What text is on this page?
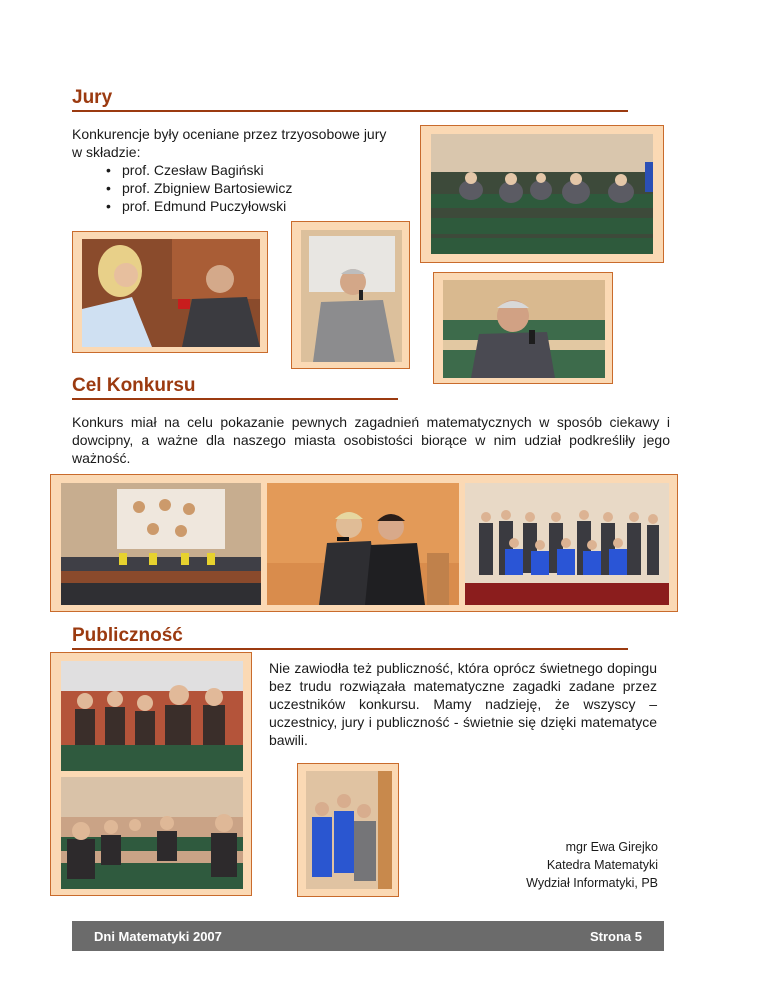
Jury
Konkurencje były oceniane przez trzyosobowe jury
w składzie:
• prof. Czesław Bagiński
• prof. Zbigniew Bartosiewicz
• prof. Edmund Puczyłowski
Cel Konkursu
Konkurs miał na celu pokazanie pewnych zagadnień matematycznych w sposób ciekawy i dowcipny, a ważne dla naszego miasta osobistości biorące w nim udział podkreśliły jego ważność.
Publiczność
Nie zawiodła też publiczność, która oprócz świetnego dopingu bez trudu rozwiązała matematyczne zagadki zadane przez uczestników konkursu. Mamy nadzieję, że wszyscy – uczestnicy, jury i publiczność - świetnie się dzięki matematyce bawili.
mgr Ewa Girejko
Katedra Matematyki
Wydział Informatyki, PB
Dni Matematyki 2007	Strona 5
